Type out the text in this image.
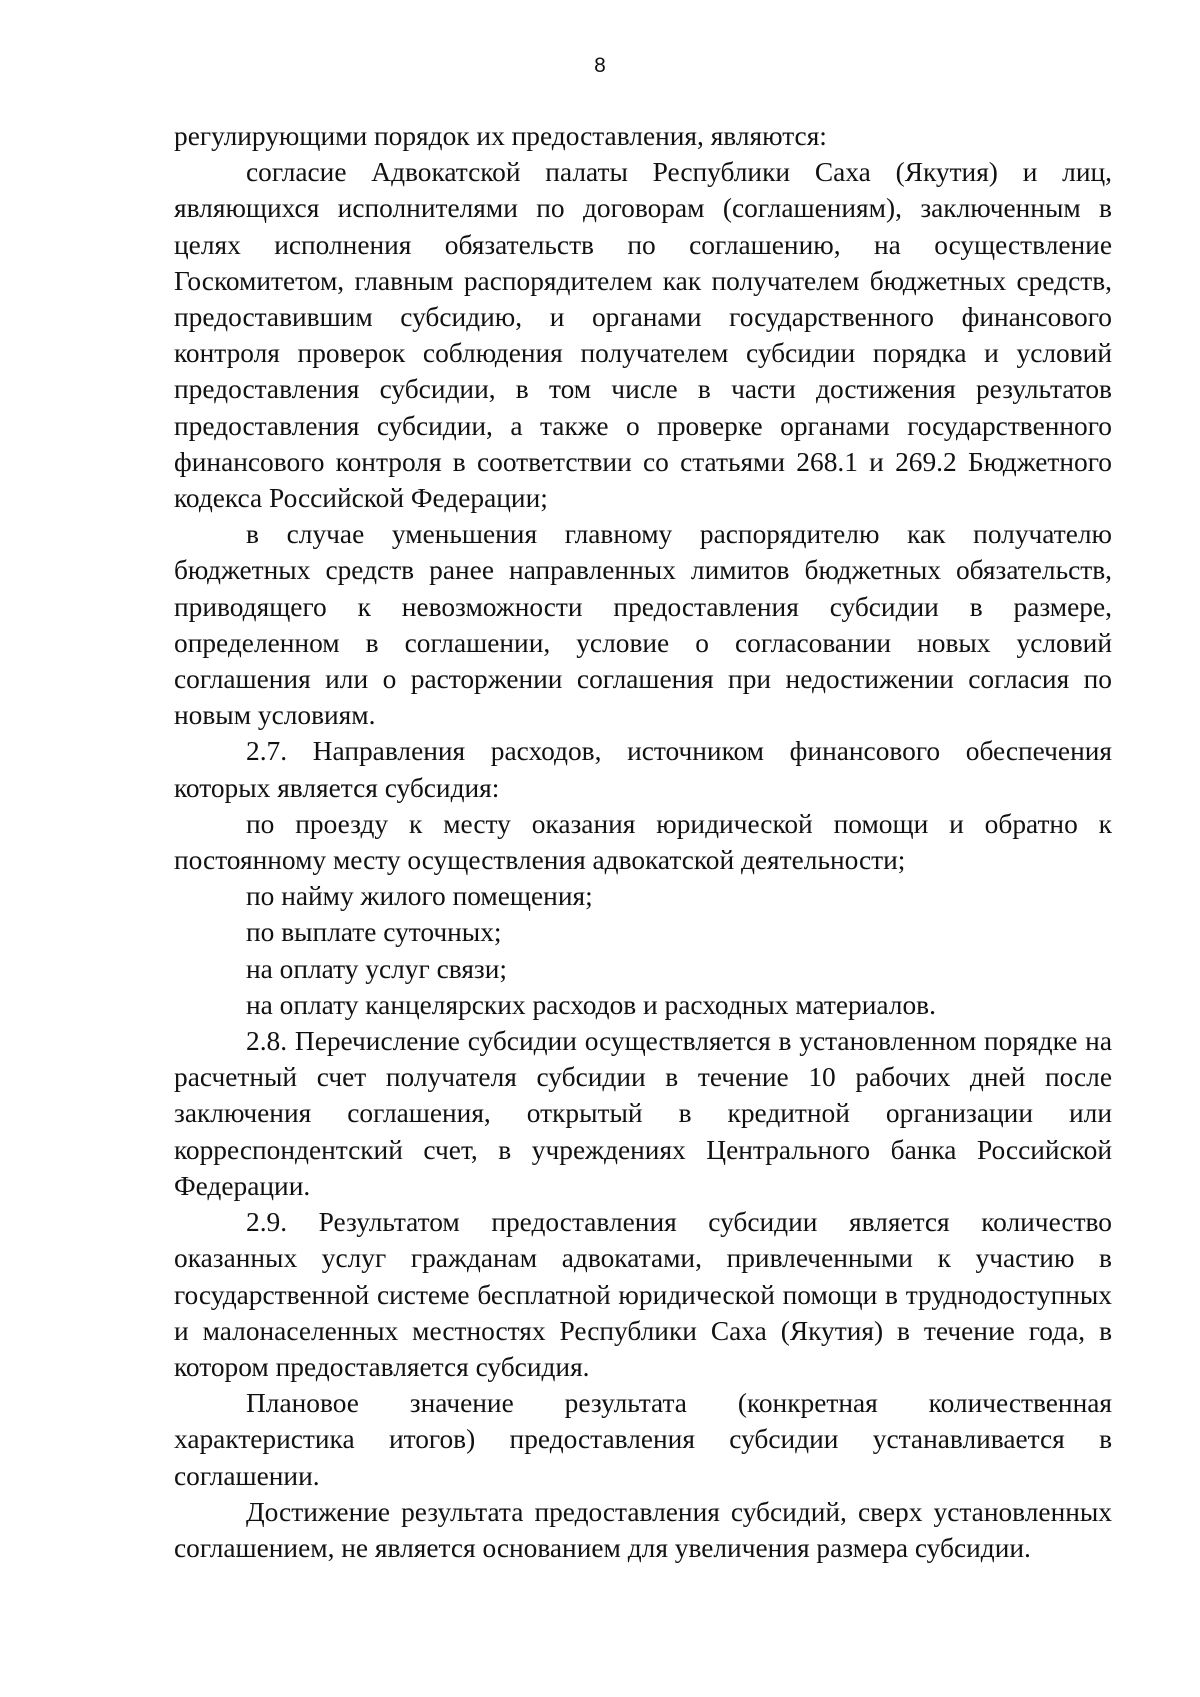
8

регулирующими порядок их предоставления, являются:

согласие Адвокатской палаты Республики Саха (Якутия) и лиц, являющихся исполнителями по договорам (соглашениям), заключенным в целях исполнения обязательств по соглашению, на осуществление Госкомитетом, главным распорядителем как получателем бюджетных средств, предоставившим субсидию, и органами государственного финансового контроля проверок соблюдения получателем субсидии порядка и условий предоставления субсидии, в том числе в части достижения результатов предоставления субсидии, а также о проверке органами государственного финансового контроля в соответствии со статьями 268.1 и 269.2 Бюджетного кодекса Российской Федерации;

в случае уменьшения главному распорядителю как получателю бюджетных средств ранее направленных лимитов бюджетных обязательств, приводящего к невозможности предоставления субсидии в размере, определенном в соглашении, условие о согласовании новых условий соглашения или о расторжении соглашения при недостижении согласия по новым условиям.

2.7. Направления расходов, источником финансового обеспечения которых является субсидия:

по проезду к месту оказания юридической помощи и обратно к постоянному месту осуществления адвокатской деятельности;

по найму жилого помещения;

по выплате суточных;

на оплату услуг связи;

на оплату канцелярских расходов и расходных материалов.

2.8. Перечисление субсидии осуществляется в установленном порядке на расчетный счет получателя субсидии в течение 10 рабочих дней после заключения соглашения, открытый в кредитной организации или корреспондентский счет, в учреждениях Центрального банка Российской Федерации.

2.9. Результатом предоставления субсидии является количество оказанных услуг гражданам адвокатами, привлеченными к участию в государственной системе бесплатной юридической помощи в труднодоступных и малонаселенных местностях Республики Саха (Якутия) в течение года, в котором предоставляется субсидия.

Плановое значение результата (конкретная количественная характеристика итогов) предоставления субсидии устанавливается в соглашении.

Достижение результата предоставления субсидий, сверх установленных соглашением, не является основанием для увеличения размера субсидии.
